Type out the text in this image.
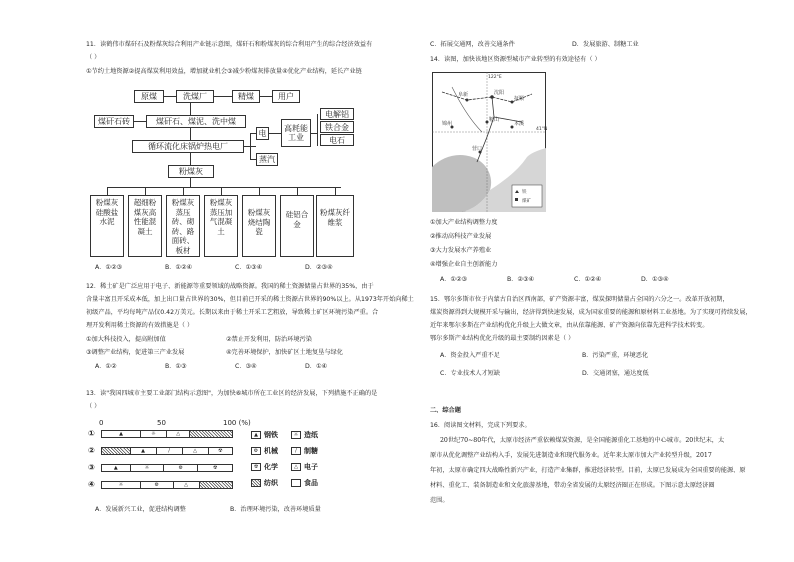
11．读鹤伟市煤矸石及粉煤灰综合利用产业链示意图，煤矸石和粉煤灰的综合利用产生的综合经济效益有
（ ）
①节约土地资源②提高煤炭利用效益，增加就业机会③减少粉煤灰排放量④优化产业结构，延长产业链
原煤	洗煤厂	精煤	用户
煤矸石砖	煤矸石、煤泥、洗中煤
循环流化床锅炉热电厂
电
蒸汽
高耗能工业
电解铝
铁合金
电石
粉煤灰
粉煤灰硅酸盐水泥
超细粉煤灰高性能混凝土
粉煤灰蒸压砖、砌砖、路面砖、板材
粉煤灰蒸压加气混凝土
粉煤灰烧结陶瓷
硅铝合金
粉煤灰纤维浆
A．①②③	B．①②④	C．①③④	D．②③④
12．稀土矿是广泛应用于电子、新能源等重要领域的战略资源。我国的稀土资源储量占世界的35%，由于
含量丰富且开采成本低，加上出口量占世界的30%，但目前已开采的稀土资源占世界的90%以上。从1973年开始向稀土
初级产品，平均每吨产品仅0.42万美元。长期以来由于稀土开采工艺粗放，导致稀土矿区环境污染严重。合
理开发利用稀土资源的有效措施是（ ）
①加大科技投入，提高附加值	②禁止开发利用，防治环境污染
③调整产业结构，促进第三产业发展	④完善环境保护，加快矿区土地复垦与绿化
A．①②	B．①③	C．③④	D．①④
13．读"我国四城市主要工业部门结构示意图"，为加快⑥城市所在工业区的经济发展，下列措施不正确的是
（ ）
0	50	100 (%)
①
②
③
④
▲	☼	△
▲	/	△	☢
▲	☼	⚙	☢
☼	⚙	△
▲ 钢铁	☼ 造纸
⚙ 机械	/	制糖
☢ 化学	△ 电子
纺织	食品
A．发展新兴工业，促进结构调整	B．治理环境污染，改善环境质量
C．拓展交通网，改善交通条件	D．发展旅游、制糖工业
14．读图，加快该地区资源型城市产业转型的有效途径有（ ）
122°E
41°N
阜新	沈阳
鞍山
抚顺
锦州	本溪
营口
铁
煤矿
①加大产业结构调整力度
②推动高科技产业发展
③大力发展水产养殖业
④增强企业自主创新能力
A．①②③	B．②③④	C．①②④	D．①③④
15．鄂尔多斯市位于内蒙古自治区西南部，矿产资源丰富，煤炭探明储量占全国的六分之一。改革开放初期，
煤炭资源得到大规模开采与输出，经济得到快速发展，成为国家重要的能源和原材料工业基地。为了实现可持续发展，
近年来鄂尔多斯在产业结构优化升级上大做文章，由从依靠能源、矿产资源向依靠先进科学技术转变。
鄂尔多斯产业结构优化升级的最主要制约因素是（ ）
A．资金投入严重不足	B．污染严重，环境恶化
C．专业技术人才短缺	D．交通闭塞，通达度低
二、综合题
16．阅读图文材料，完成下列要求。
20世纪70~80年代，太原市经济严重依赖煤炭资源，是全国能源重化工基地的中心城市。20世纪末，太
原市从优化调整产业结构入手，发展先进制造业和现代服务业。近年来太原市加大产业转型升级，2017
年初，太原市确定四大战略性新兴产业，打造产业集群，推进经济转型。目前，太原已发展成为全国重要的能源、原
材料、重化工、装备制造业和文化旅游基地，带动全省发展的太原经济圈正在形成。下图示意太原经济圈
范围。
